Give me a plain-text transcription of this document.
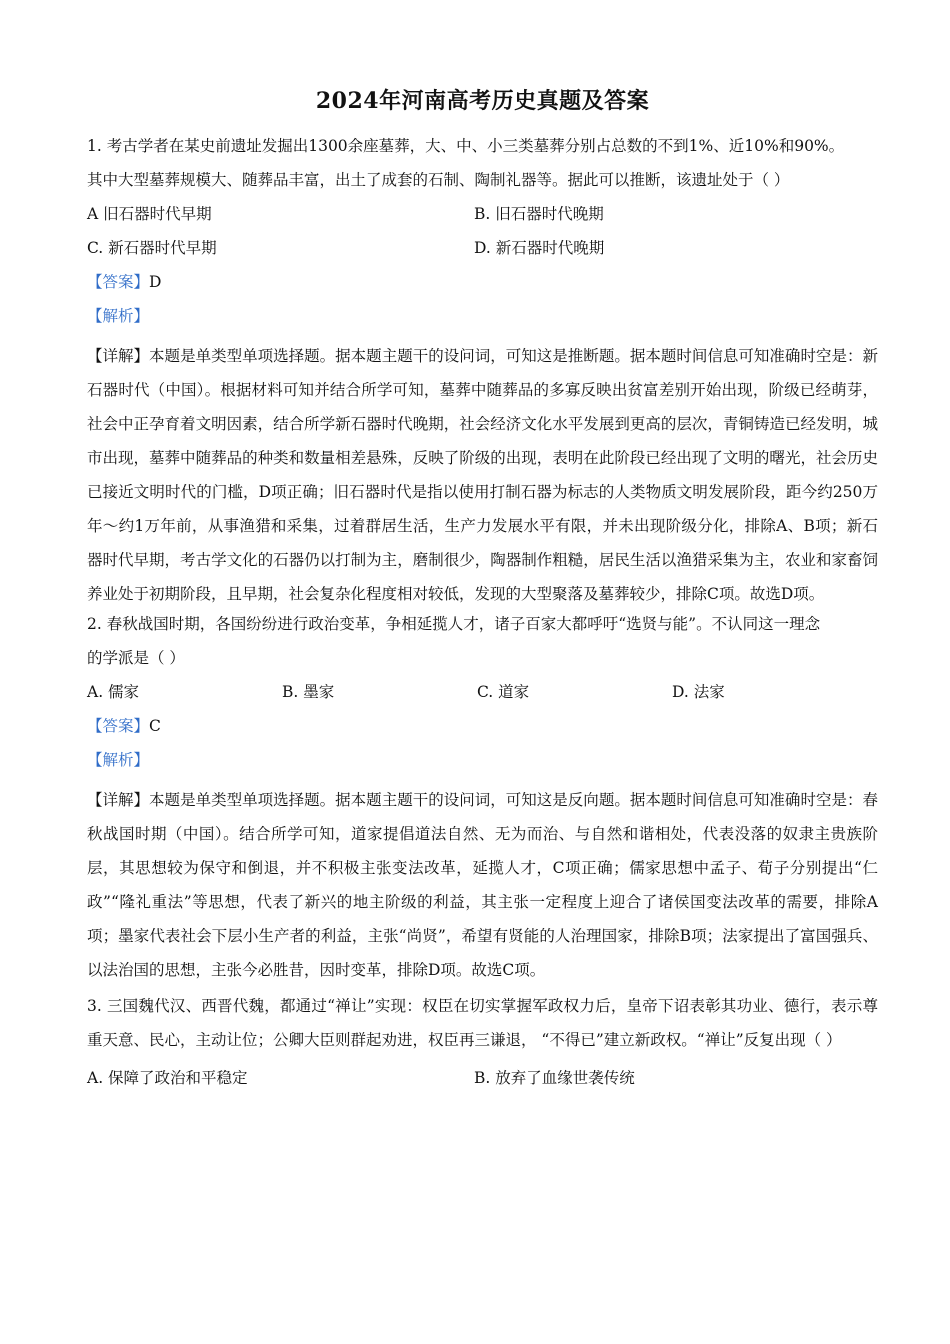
2024年河南高考历史真题及答案
1. 考古学者在某史前遗址发掘出1300余座墓葬，大、中、小三类墓葬分别占总数的不到1%、近10%和90%。
其中大型墓葬规模大、随葬品丰富，出土了成套的石制、陶制礼器等。据此可以推断，该遗址处于（ ）
A 旧石器时代早期	B. 旧石器时代晚期
C. 新石器时代早期	D. 新石器时代晚期
【答案】D
【解析】
【详解】本题是单类型单项选择题。据本题主题干的设问词，可知这是推断题。据本题时间信息可知准确时空是：新石器时代（中国）。根据材料可知并结合所学可知，墓葬中随葬品的多寡反映出贫富差别开始出现，阶级已经萌芽，社会中正孕育着文明因素，结合所学新石器时代晚期，社会经济文化水平发展到更高的层次，青铜铸造已经发明，城市出现，墓葬中随葬品的种类和数量相差悬殊，反映了阶级的出现，表明在此阶段已经出现了文明的曙光，社会历史已接近文明时代的门槛，D项正确；旧石器时代是指以使用打制石器为标志的人类物质文明发展阶段，距今约250万年～约1万年前，从事渔猎和采集，过着群居生活，生产力发展水平有限，并未出现阶级分化，排除A、B项；新石器时代早期，考古学文化的石器仍以打制为主，磨制很少，陶器制作粗糙，居民生活以渔猎采集为主，农业和家畜饲养业处于初期阶段，且早期，社会复杂化程度相对较低，发现的大型聚落及墓葬较少，排除C项。故选D项。
2. 春秋战国时期，各国纷纷进行政治变革，争相延揽人才，诸子百家大都呼吁“选贤与能”。不认同这一理念
的学派是（ ）
A. 儒家	B. 墨家	C. 道家	D. 法家
【答案】C
【解析】
【详解】本题是单类型单项选择题。据本题主题干的设问词，可知这是反向题。据本题时间信息可知准确时空是：春秋战国时期（中国）。结合所学可知，道家提倡道法自然、无为而治、与自然和谐相处，代表没落的奴隶主贵族阶层，其思想较为保守和倒退，并不积极主张变法改革，延揽人才，C项正确；儒家思想中孟子、荀子分别提出“仁政”“隆礼重法”等思想，代表了新兴的地主阶级的利益，其主张一定程度上迎合了诸侯国变法改革的需要，排除A项；墨家代表社会下层小生产者的利益，主张“尚贤”，希望有贤能的人治理国家，排除B项；法家提出了富国强兵、以法治国的思想，主张今必胜昔，因时变革，排除D项。故选C项。
3. 三国魏代汉、西晋代魏，都通过“禅让”实现：权臣在切实掌握军政权力后，皇帝下诏表彰其功业、德行，表示尊重天意、民心，主动让位；公卿大臣则群起劝进，权臣再三谦退， “不得已”建立新政权。“禅让”反复出现（ ）
A. 保障了政治和平稳定	B. 放弃了血缘世袭传统
